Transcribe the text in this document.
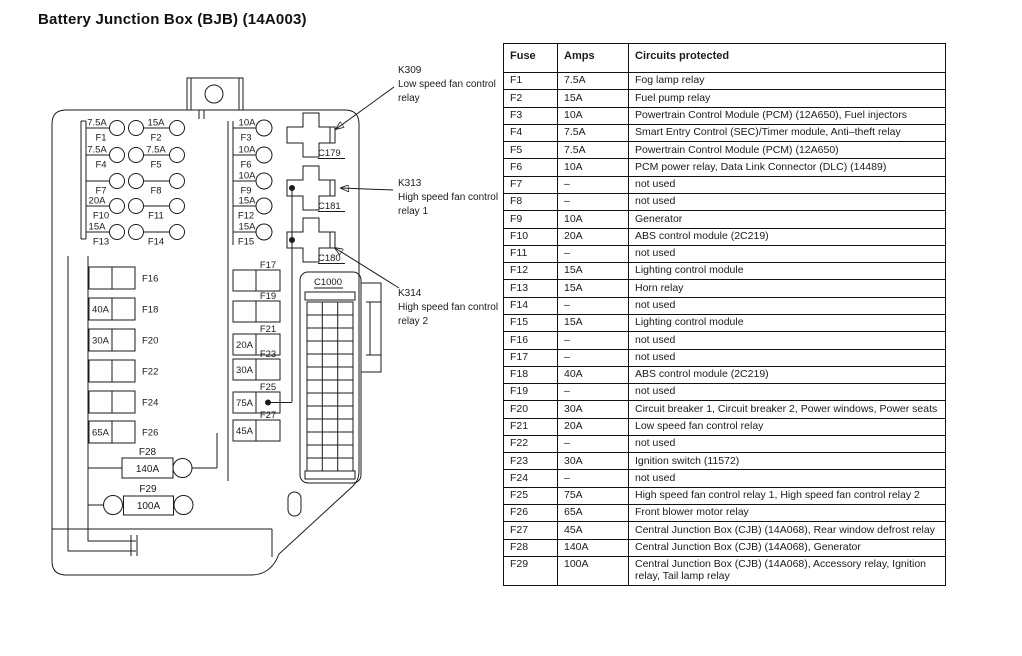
Battery Junction Box (BJB) (14A003)
7.5A
F1
15A
F2
10A
F3
7.5A
F4
7.5A
F5
10A
F6
F7	F8
10A
F9
20A
F10	F11
15A
F12
15A
F13	F14
15A
F15
F16
40A	F18
30A	F20
F22
F24
65A	F26
F17
F19
20A
F21
30A
F23
75A
F25
45A
F27
F28
140A
F29
100A
C1000
C179
K309
Low speed fan control
relay
C181
K313
High speed fan control
relay 1
C180
K314
High speed fan control
relay 2
Fuse	Amps	Circuits protected
F1	7.5A	Fog lamp relay
F2	15A	Fuel pump relay
F3	10A	Powertrain Control Module (PCM) (12A650), Fuel injectors
F4	7.5A	Smart Entry Control (SEC)/Timer module, Anti–theft relay
F5	7.5A	Powertrain Control Module (PCM) (12A650)
F6	10A	PCM power relay, Data Link Connector (DLC) (14489)
F7	–	not used
F8	–	not used
F9	10A	Generator
F10	20A	ABS control module (2C219)
F11	–	not used
F12	15A	Lighting control module
F13	15A	Horn relay
F14	–	not used
F15	15A	Lighting control module
F16	–	not used
F17	–	not used
F18	40A	ABS control module (2C219)
F19	–	not used
F20	30A	Circuit breaker 1, Circuit breaker 2, Power windows, Power seats
F21	20A	Low speed fan control relay
F22	–	not used
F23	30A	Ignition switch (11572)
F24	–	not used
F25	75A	High speed fan control relay 1, High speed fan control relay 2
F26	65A	Front blower motor relay
F27	45A	Central Junction Box (CJB) (14A068), Rear window defrost relay
F28	140A	Central Junction Box (CJB) (14A068), Generator
F29	100A	Central Junction Box (CJB) (14A068), Accessory relay, Ignition relay, Tail lamp relay
